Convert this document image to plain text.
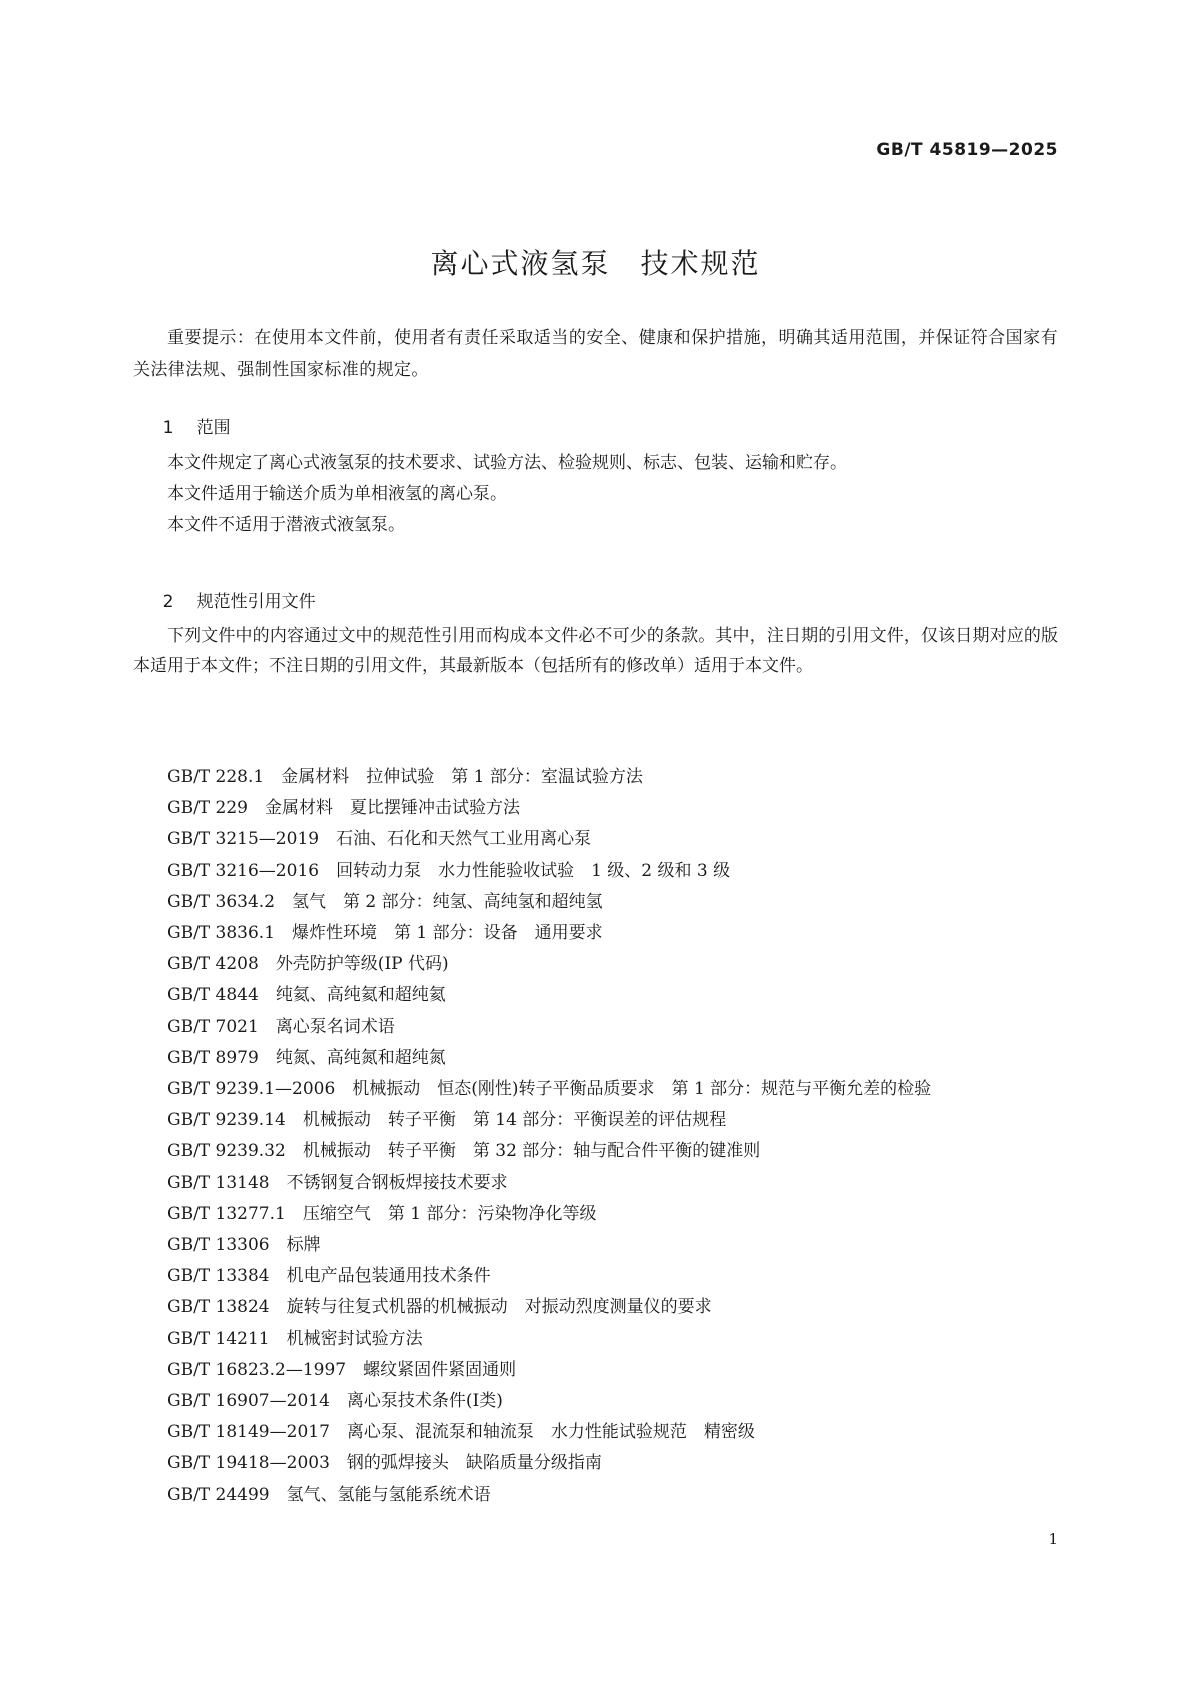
GB/T 45819—2025
离心式液氢泵　技术规范
重要提示：在使用本文件前，使用者有责任采取适当的安全、健康和保护措施，明确其适用范围，并保证符合国家有关法律法规、强制性国家标准的规定。

1 范围

本文件规定了离心式液氢泵的技术要求、试验方法、检验规则、标志、包装、运输和贮存。
本文件适用于输送介质为单相液氢的离心泵。
本文件不适用于潜液式液氢泵。

2 规范性引用文件

下列文件中的内容通过文中的规范性引用而构成本文件必不可少的条款。其中，注日期的引用文件，仅该日期对应的版本适用于本文件；不注日期的引用文件，其最新版本（包括所有的修改单）适用于本文件。
GB/T 228.1　 金属材料　拉伸试验　第 1 部分：室温试验方法
GB/T 229　 金属材料　夏比摆锤冲击试验方法
GB/T 3215—2019　 石油、石化和天然气工业用离心泵
GB/T 3216—2016　 回转动力泵　水力性能验收试验　1 级、2 级和 3 级
GB/T 3634.2　 氢气　第 2 部分：纯氢、高纯氢和超纯氢
GB/T 3836.1　 爆炸性环境　第 1 部分：设备　通用要求
GB/T 4208　 外壳防护等级(IP 代码)
GB/T 4844　 纯氦、高纯氦和超纯氦
GB/T 7021　 离心泵名词术语
GB/T 8979　 纯氮、高纯氮和超纯氮
GB/T 9239.1—2006　 机械振动　恒态(刚性)转子平衡品质要求　第 1 部分：规范与平衡允差的检验
GB/T 9239.14　 机械振动　转子平衡　第 14 部分：平衡误差的评估规程
GB/T 9239.32　 机械振动　转子平衡　第 32 部分：轴与配合件平衡的键准则
GB/T 13148　 不锈钢复合钢板焊接技术要求
GB/T 13277.1　 压缩空气　第 1 部分：污染物净化等级
GB/T 13306　 标牌
GB/T 13384　 机电产品包装通用技术条件
GB/T 13824　 旋转与往复式机器的机械振动　对振动烈度测量仪的要求
GB/T 14211　 机械密封试验方法
GB/T 16823.2—1997　 螺纹紧固件紧固通则
GB/T 16907—2014　 离心泵技术条件(Ⅰ类)
GB/T 18149—2017　 离心泵、混流泵和轴流泵　水力性能试验规范　精密级
GB/T 19418—2003　 钢的弧焊接头　缺陷质量分级指南
GB/T 24499　 氢气、氢能与氢能系统术语
1
